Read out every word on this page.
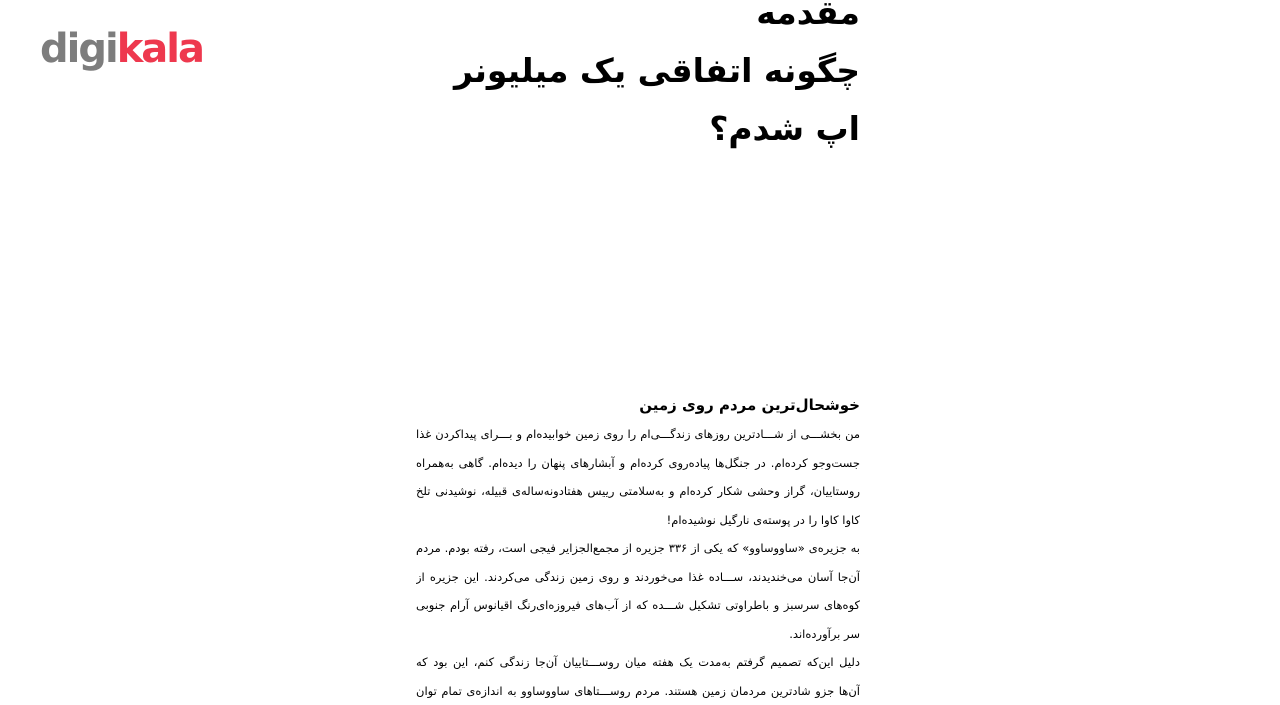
digikala
مقدمه
چگونه اتفاقی یک میلیونر
اپ شدم؟
خوشحال‌ترین مردم روی زمین
من بخشـــی از شـــادترین روزهای زندگـــی‌ام را روی زمین خوابیده‌ام و بـــرای پیداکردن غذا
جست‌وجو کرده‌ام. در جنگل‌ها پیاده‌روی کرده‌ام و آبشارهای پنهان را دیده‌ام. گاهی به‌همراه
روستاییان، گراز وحشی شکار کرده‌ام و به‌سلامتی رییس هفتادونه‌ساله‌ی قبیله، نوشیدنی تلخ
کاوا کاوا را در پوسته‌ی نارگیل نوشیده‌ام!
به جزیره‌ی «ساووساوو» که یکی از ۳۳۶ جزیره از مجمع‌الجزایر فیجی است، رفته بودم. مردم
آن‌جا آسان می‌خندیدند، ســـاده غذا می‌خوردند و روی زمین زندگی می‌کردند. این جزیره از
کوه‌های سرسبز و باطراوتی تشکیل شـــده که از آب‌های فیروزه‌ای‌رنگ اقیانوس آرام جنوبی
سر برآورده‌اند.
دلیل این‌که تصمیم گرفتم به‌مدت یک هفته میان روســـتاییان آن‌جا زندگی کنم، این بود که
آن‌ها جزو شادترین مردمان زمین هستند. مردم روســـتاهای ساووساوو به اندازه‌ی تمام توان
